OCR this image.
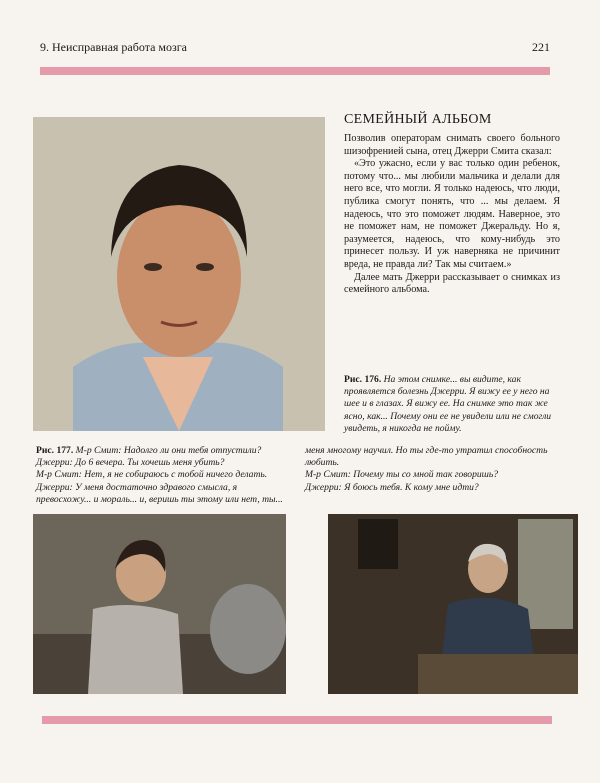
9. Неисправная работа мозга	221
СЕМЕЙНЫЙ АЛЬБОМ

Позволив операторам снимать своего больного шизофренией сына, отец Джерри Смита сказал:

«Это ужасно, если у вас только один ребенок, потому что... мы любили мальчика и делали для него все, что могли. Я только надеюсь, что люди, публика смогут понять, что ... мы делаем. Я надеюсь, что это поможет людям. Наверное, это не поможет нам, не поможет Джеральду. Но я, разумеется, надеюсь, что кому-нибудь это принесет пользу. И уж наверняка не причинит вреда, не правда ли? Так мы считаем.»

Далее мать Джерри рассказывает о снимках из семейного альбома.

Рис. 176. На этом снимке... вы видите, как проявляется болезнь Джерри. Я вижу ее у него на шее и в глазах. Я вижу ее. На снимке это так же ясно, как... Почему они ее не увидели или не смогли увидеть, я никогда не пойму.

Рис. 177. М-р Смит: Надолго ли они тебя отпустили?

Джерри: До 6 вечера. Ты хочешь меня убить?

М-р Смит: Нет, я не собираюсь с тобой ничего делать.

Джерри: У меня достаточно здравого смысла, я превосхожу... и мораль... и, веришь ты этому или нет, ты...

меня многому научил. Но ты где-то утратил способность любить.

М-р Смит: Почему ты со мной так говоришь?

Джерри: Я боюсь тебя. К кому мне идти?
